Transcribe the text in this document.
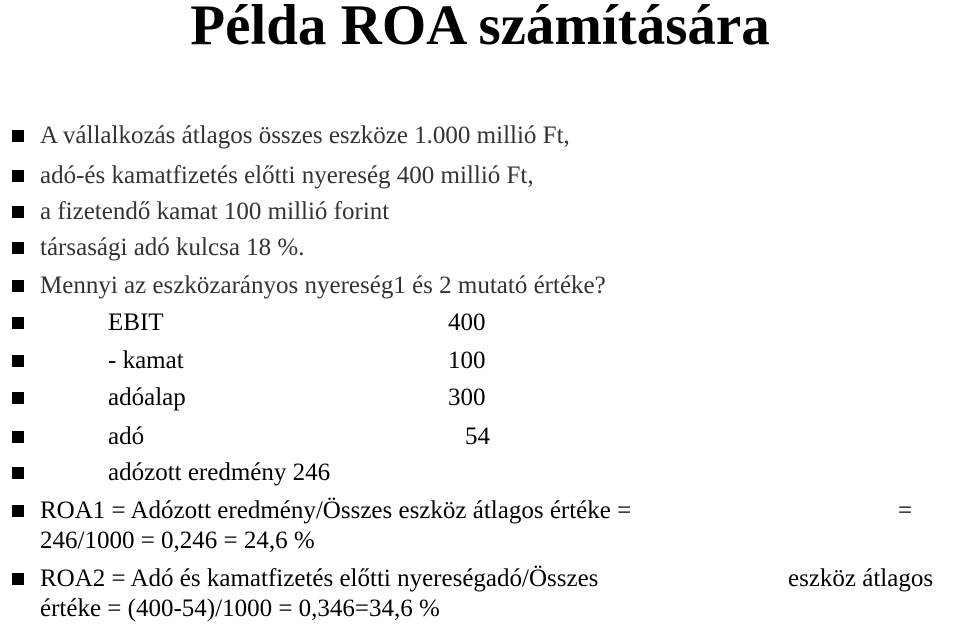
Példa ROA számítására
A vállalkozás átlagos összes eszköze 1.000 millió Ft,
adó-és kamatfizetés előtti nyereség 400 millió Ft,
a fizetendő kamat 100 millió forint
társasági adó kulcsa 18 %.
Mennyi az eszközarányos nyereség1 és 2 mutató értéke?
EBIT	400
- kamat	100
adóalap	300
adó	54
adózott eredmény 246
ROA1 = Adózott eredmény/Összes eszköz átlagos értéke =	=
246/1000 = 0,246 = 24,6 %
ROA2 = Adó és kamatfizetés előtti nyereségadó/Összes	eszköz átlagos
értéke = (400-54)/1000 = 0,346=34,6 %
